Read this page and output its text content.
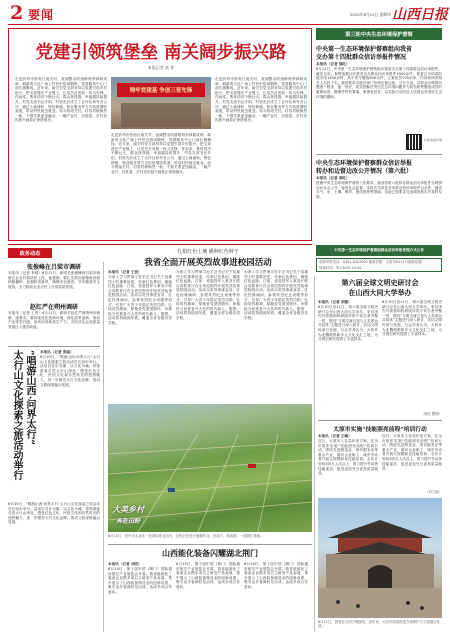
2 要闻	2025年6月12日 星期四 山西日报
党建引领筑堡垒 南关阔步振兴路
本报记者 高 玮
走进忻州市忻府区南关村，宽阔整洁的道路两旁绿树成荫，崭新的文化广场上村民们悠闲锻炼，党群服务中心门前红旗飘扬。近年来，南关村党支部坚持以党建引领乡村振兴，把支部建在产业链上，让党员在发展一线当先锋、作表率，集体经济不断壮大，群众获得感、幸福感持续提升。村党支部书记介绍，村里先后成立了合作社和劳务公司，通过土地流转、特色种植、物业服务等方式拓宽增收渠道，带动村民就近就业。如今的南关村，村容村貌焕然一新，干群关系更加融洽，一幅产业兴、百姓富、乡村美的振兴画卷正徐徐展开。
铸牢党建基 争创三晋先锋
走进忻州市忻府区南关村，宽阔整洁的道路两旁绿树成荫，崭新的文化广场上村民们悠闲锻炼，党群服务中心门前红旗飘扬。近年来，南关村党支部坚持以党建引领乡村振兴，把支部建在产业链上，让党员在发展一线当先锋、作表率，集体经济不断壮大，群众获得感、幸福感持续提升。村党支部书记介绍，村里先后成立了合作社和劳务公司，通过土地流转、特色种植、物业服务等方式拓宽增收渠道，带动村民就近就业。如今的南关村，村容村貌焕然一新，干群关系更加融洽，一幅产业兴、百姓富、乡村美的振兴画卷正徐徐展开。
走进忻州市忻府区南关村，宽阔整洁的道路两旁绿树成荫，崭新的文化广场上村民们悠闲锻炼，党群服务中心门前红旗飘扬。近年来，南关村党支部坚持以党建引领乡村振兴，把支部建在产业链上，让党员在发展一线当先锋、作表率，集体经济不断壮大，群众获得感、幸福感持续提升。村党支部书记介绍，村里先后成立了合作社和劳务公司，通过土地流转、特色种植、物业服务等方式拓宽增收渠道，带动村民就近就业。如今的南关村，村容村貌焕然一新，干群关系更加融洽，一幅产业兴、百姓富、乡村美的振兴画卷正徐徐展开。
第三轮中央生态环境保护督察
中央第一生态环境保护督察组向我省
交办第十四批群众信访举报件情况
本报讯（记者 郭旺）
6月11日，中央第一生态环境保护督察组向我省交办第十四批群众信访举报件。截至目前，督察组累计向我省交办群众信访举报件1900余件，我省已办结或阶段办结1400余件，其中责令整改800余件，立案处罚100余家，约谈和问责相关人员若干名。我省要求各地各部门坚持边督边改、立行立改，对群众反映的问题逐一核查、逐一回应，切实把解决突出生态环境问题作为检验督察整改成效的重要标准，确保件件有着落、事事有回音，以实际行动回应人民群众对美好生态环境的期盼。
扫码查看详情
中央生态环境保护督察群众信访举报
转办和边督边改公开情况（第六批）
本报讯（记者 郭旺）
按照中央生态环境保护督察工作要求，我省将第六批转办群众信访举报件办理情况向社会公开，接受社会监督。本批次共涉及各市群众信访举报件百余件，涵盖大气、水、土壤、噪声、固体废物等领域，各地已按要求完成调查核实并及时反馈。
中央第一生态环境保护督察组群众信访举报受理方式公告
受理举报电话：0351-8323000 邮政信箱：太原市A111号邮政信箱
受理时间：每天8:00-20:00
政务动态
张俊峰在吕梁市调研
本报讯（记者 李强）6月11日，副省长张俊峰到吕梁市调研农业农村和防汛工作。他强调，要扎实抓好夏粮收获和秋粮播种，加强防汛备汛，确保安全度汛，守牢粮食安全底线，全力推动农业农村工作高质量发展。
赵红严在朔州调研
本报讯（记者 王晋）6月11日，副省长赵红严到朔州市调研。她要求，要持续优化营商环境，深化改革创新，推动产业转型升级，加快培育新质生产力，为经济社会高质量发展注入强劲动能。
太行山文化探索之旅活动举行 “唱游山西·问界太行” 本报讯（记者 张丽）
6月10日，“唱游山西·问界太行”太行山文化探索之旅活动在长治市举行。活动以音乐为媒、以文化为魂，带领游客走进太行山深处，感受红色文化、民俗文化和自然风光的独特魅力，进一步擦亮太行文化品牌，推动文旅深度融合发展。
6月10日，“唱游山西·问界太行”太行山文化探索之旅活动在长治市举行。活动以音乐为媒、以文化为魂，带领游客走进太行山深处，感受红色文化、民俗文化和自然风光的独特魅力，进一步擦亮太行文化品牌，推动文旅深度融合发展。
扎根红色土壤 播种红色种子
我省全面开展英烈故事进校园活动
本报讯（记者 王晋）
为深入学习贯彻习近平总书记关于英雄烈士的重要论述，传承红色基因，赓续红色血脉，日前，省退役军人事务厅联合省教育厅在全省范围内开展英烈故事进校园活动。活动以英烈事迹宣讲、红色经典诵读、参观英烈纪念设施等形式，引导广大青少年铭记英烈功勋、弘扬英烈精神，厚植爱党爱国情怀，争做担当民族复兴大任的时代新人。据悉，活动将持续到年底，覆盖全省各级各类学校。
为深入学习贯彻习近平总书记关于英雄烈士的重要论述，传承红色基因，赓续红色血脉，日前，省退役军人事务厅联合省教育厅在全省范围内开展英烈故事进校园活动。活动以英烈事迹宣讲、红色经典诵读、参观英烈纪念设施等形式，引导广大青少年铭记英烈功勋、弘扬英烈精神，厚植爱党爱国情怀，争做担当民族复兴大任的时代新人。据悉，活动将持续到年底，覆盖全省各级各类学校。
为深入学习贯彻习近平总书记关于英雄烈士的重要论述，传承红色基因，赓续红色血脉，日前，省退役军人事务厅联合省教育厅在全省范围内开展英烈故事进校园活动。活动以英烈事迹宣讲、红色经典诵读、参观英烈纪念设施等形式，引导广大青少年铭记英烈功勋、弘扬英烈精神，厚植爱党爱国情怀，争做担当民族复兴大任的时代新人。据悉，活动将持续到年底，覆盖全省各级各类学校。
大美乡村
奔赴田野
6月10日，晋中市太谷区一处高标准农田内，农机正在进行夏播作业，田成方、路成网，一派繁忙景象。
山西能化装备闪耀湖北荆门
本报讯（记者 刘明）
6月10日，第十届中国（荆门）国际通用航空产业展览会开幕。我省能源化工装备企业携多项自主研发产品参展，集中展示了山西装备制造业的创新成果，吸引众多客商驻足洽谈，达成多项合作意向。
6月10日，第十届中国（荆门）国际通用航空产业展览会开幕。我省能源化工装备企业携多项自主研发产品参展，集中展示了山西装备制造业的创新成果，吸引众多客商驻足洽谈，达成多项合作意向。
6月10日，第十届中国（荆门）国际通用航空产业展览会开幕。我省能源化工装备企业携多项自主研发产品参展，集中展示了山西装备制造业的创新成果，吸引众多客商驻足洽谈，达成多项合作意向。
第六届全球文明史研讨会
在山西大同大学举办
本报讯（记者 李娜）
6月10日至11日，第六届全球文明史研讨会在山西大同大学举办。来自国内外高校和科研院所的专家学者齐聚一堂，围绕“文明交流互鉴与人类命运共同体”主题进行深入研讨，共话文明传承与发展。与会学者认为，大同作为北魏故都和多元文化交汇之地，为文明史研究提供了丰富样本。
6月10日至11日，第六届全球文明史研讨会在山西大同大学举办。来自国内外高校和科研院所的专家学者齐聚一堂，围绕“文明交流互鉴与人类命运共同体”主题进行深入研讨，共话文明传承与发展。与会学者认为，大同作为北魏故都和多元文化交汇之地，为文明史研究提供了丰富样本。
（郭旺 整理）
太原市实施“技能照亮前程”培训行动
本报讯（记者 王琳）
近日，太原市人社局印发方案，在全市组织实施“技能照亮前程”培训行动，围绕先进制造业、现代服务业等重点产业，面向企业职工、城乡劳动者开展大规模职业技能培训，全年计划培训5万人次以上，着力提升劳动者技能素质，促进更加充分更高质量就业。
近日，太原市人社局印发方案，在全市组织实施“技能照亮前程”培训行动，围绕先进制造业、现代服务业等重点产业，面向企业职工、城乡劳动者开展大规模职业技能培训，全年计划培训5万人次以上，着力提升劳动者技能素质，促进更加充分更高质量就业。
（刘立威）
6月11日，游客在大同古城游览。近年来，大同市持续推进古城保护与文旅融合发展。
